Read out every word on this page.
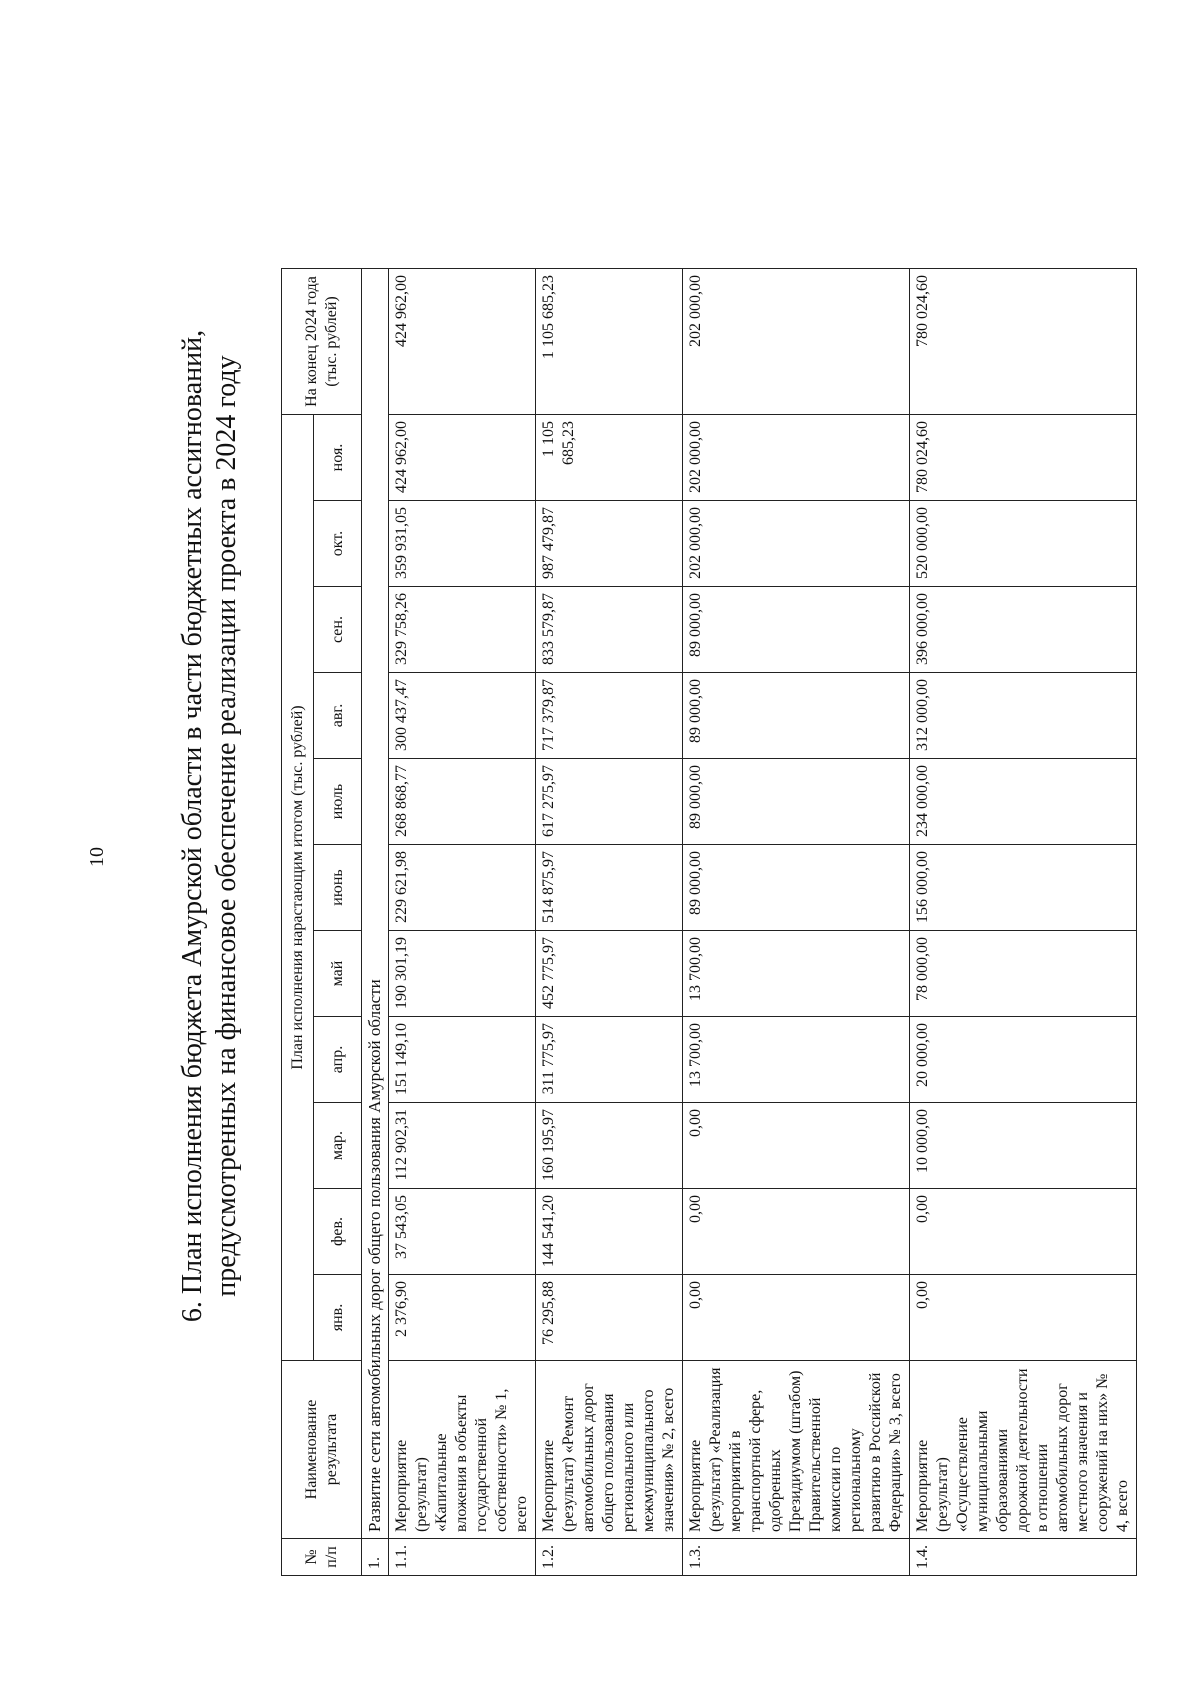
10 6. План исполнения бюджета Амурской области в части бюджетных ассигнований, предусмотренных на финансовое обеспечение реализации проекта в 2024 году
№ п/п	Наименование результата	План исполнения нарастающим итогом (тыс. рублей)											На конец 2024 года (тыс. рублей)
		янв.	фев.	мар.	апр.	май	июнь	июль	авг.	сен.	окт.	ноя.	
1.	Развитие сети автомобильных дорог общего пользования Амурской области												
1.1.	Мероприятие (результат) «Капитальные вложения в объекты государственной собственности» № 1, всего	2 376,90	37 543,05	112 902,31	151 149,10	190 301,19	229 621,98	268 868,77	300 437,47	329 758,26	359 931,05	424 962,00	424 962,00
1.2.	Мероприятие (результат) «Ремонт автомобильных дорог общего пользования регионального или межмуниципального значения» № 2, всего	76 295,88	144 541,20	160 195,97	311 775,97	452 775,97	514 875,97	617 275,97	717 379,87	833 579,87	987 479,87	1 105 685,23	1 105 685,23
1.3.	Мероприятие (результат) «Реализация мероприятий в транспортной сфере, одобренных Президиумом (штабом) Правительственной комиссии по региональному развитию в Российской Федерации» № 3, всего	0,00	0,00	0,00	13 700,00	13 700,00	89 000,00	89 000,00	89 000,00	89 000,00	202 000,00	202 000,00	202 000,00
1.4.	Мероприятие (результат) «Осуществление муниципальными образованиями дорожной деятельности в отношении автомобильных дорог местного значения и сооружений на них» № 4, всего	0,00	0,00	10 000,00	20 000,00	78 000,00	156 000,00	234 000,00	312 000,00	396 000,00	520 000,00	780 024,60	780 024,60
